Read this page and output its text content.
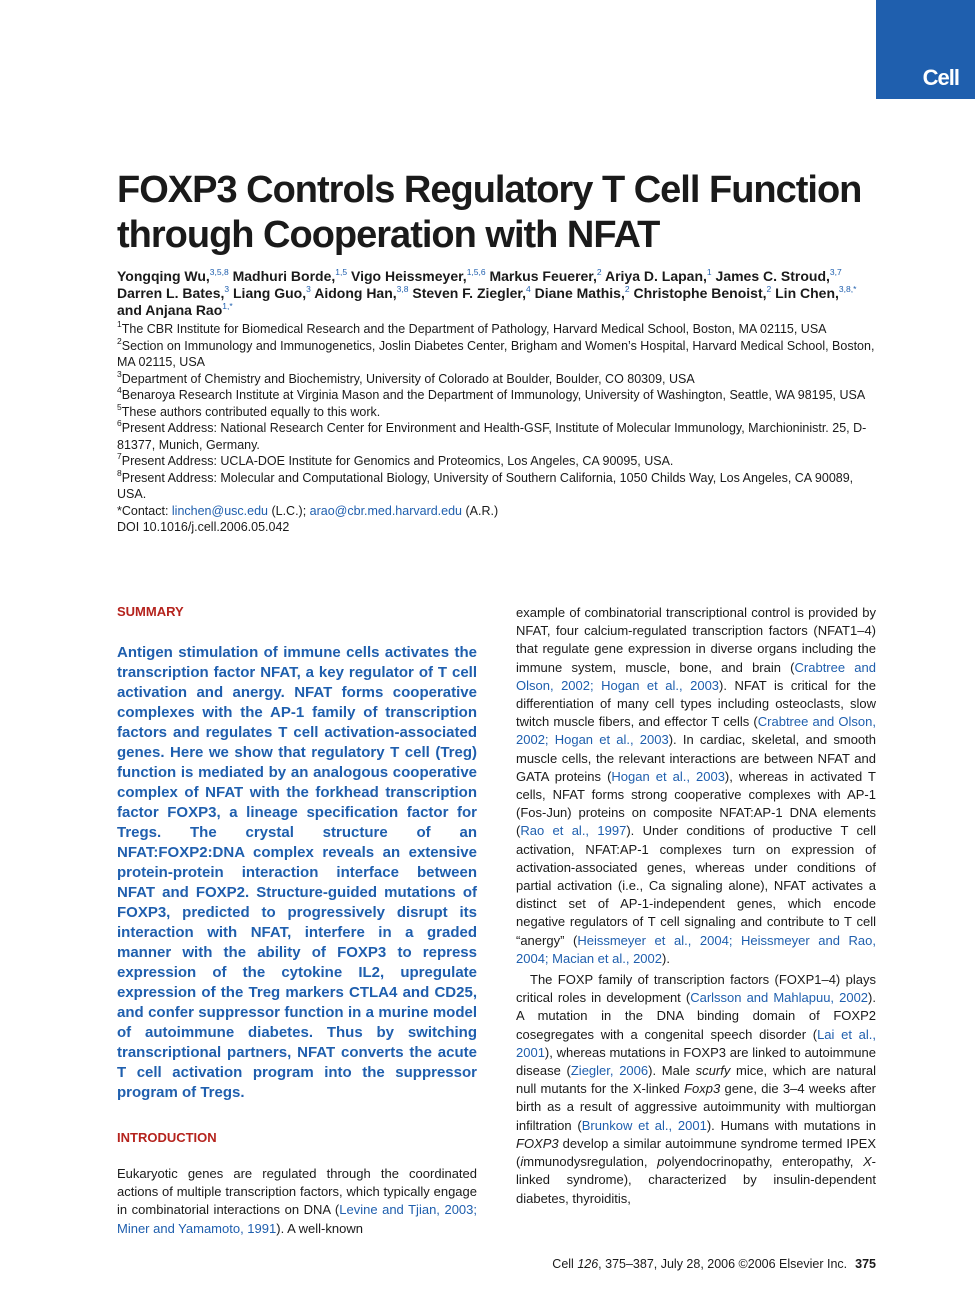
Cell
FOXP3 Controls Regulatory T Cell Function through Cooperation with NFAT
Yongqing Wu,$^{3,5,8}$ Madhuri Borde,$^{1,5}$ Vigo Heissmeyer,$^{1,5,6}$ Markus Feuerer,$^2$ Ariya D. Lapan,$^1$ James C. Stroud,$^{3,7}$ Darren L. Bates,$^3$ Liang Guo,$^3$ Aidong Han,$^{3,8}$ Steven F. Ziegler,$^4$ Diane Mathis,$^2$ Christophe Benoist,$^2$ Lin Chen,$^{3,8,*}$ and Anjana Rao$^{1,*}$
$^1$The CBR Institute for Biomedical Research and the Department of Pathology, Harvard Medical School, Boston, MA 02115, USA
$^2$Section on Immunology and Immunogenetics, Joslin Diabetes Center, Brigham and Women’s Hospital, Harvard Medical School, Boston, MA 02115, USA
$^3$Department of Chemistry and Biochemistry, University of Colorado at Boulder, Boulder, CO 80309, USA
$^4$Benaroya Research Institute at Virginia Mason and the Department of Immunology, University of Washington, Seattle, WA 98195, USA
$^5$These authors contributed equally to this work.
$^6$Present Address: National Research Center for Environment and Health-GSF, Institute of Molecular Immunology, Marchioninistr. 25, D-81377, Munich, Germany.
$^7$Present Address: UCLA-DOE Institute for Genomics and Proteomics, Los Angeles, CA 90095, USA.
$^8$Present Address: Molecular and Computational Biology, University of Southern California, 1050 Childs Way, Los Angeles, CA 90089, USA.
*Contact: linchen@usc.edu (L.C.); arao@cbr.med.harvard.edu (A.R.)
DOI 10.1016/j.cell.2006.05.042
SUMMARY

Antigen stimulation of immune cells activates the transcription factor NFAT, a key regulator of T cell activation and anergy. NFAT forms cooperative complexes with the AP-1 family of transcription factors and regulates T cell activation-associated genes. Here we show that regulatory T cell (Treg) function is mediated by an analogous cooperative complex of NFAT with the forkhead transcription factor FOXP3, a lineage specification factor for Tregs. The crystal structure of an NFAT:FOXP2:DNA complex reveals an extensive protein-protein interaction interface between NFAT and FOXP2. Structure-guided mutations of FOXP3, predicted to progressively disrupt its interaction with NFAT, interfere in a graded manner with the ability of FOXP3 to repress expression of the cytokine IL2, upregulate expression of the Treg markers CTLA4 and CD25, and confer suppressor function in a murine model of autoimmune diabetes. Thus by switching transcriptional partners, NFAT converts the acute T cell activation program into the suppressor program of Tregs.

INTRODUCTION

Eukaryotic genes are regulated through the coordinated actions of multiple transcription factors, which typically engage in combinatorial interactions on DNA (Levine and Tjian, 2003; Miner and Yamamoto, 1991). A well-known

example of combinatorial transcriptional control is provided by NFAT, four calcium-regulated transcription factors (NFAT1–4) that regulate gene expression in diverse organs including the immune system, muscle, bone, and brain (Crabtree and Olson, 2002; Hogan et al., 2003). NFAT is critical for the differentiation of many cell types including osteoclasts, slow twitch muscle fibers, and effector T cells (Crabtree and Olson, 2002; Hogan et al., 2003). In cardiac, skeletal, and smooth muscle cells, the relevant interactions are between NFAT and GATA proteins (Hogan et al., 2003), whereas in activated T cells, NFAT forms strong cooperative complexes with AP-1 (Fos-Jun) proteins on composite NFAT:AP-1 DNA elements (Rao et al., 1997). Under conditions of productive T cell activation, NFAT:AP-1 complexes turn on expression of activation-associated genes, whereas under conditions of partial activation (i.e., Ca signaling alone), NFAT activates a distinct set of AP-1-independent genes, which encode negative regulators of T cell signaling and contribute to T cell “anergy” (Heissmeyer et al., 2004; Heissmeyer and Rao, 2004; Macian et al., 2002).

The FOXP family of transcription factors (FOXP1–4) plays critical roles in development (Carlsson and Mahlapuu, 2002). A mutation in the DNA binding domain of FOXP2 cosegregates with a congenital speech disorder (Lai et al., 2001), whereas mutations in FOXP3 are linked to autoimmune disease (Ziegler, 2006). Male scurfy mice, which are natural null mutants for the X-linked Foxp3 gene, die 3–4 weeks after birth as a result of aggressive autoimmunity with multiorgan infiltration (Brunkow et al., 2001). Humans with mutations in FOXP3 develop a similar autoimmune syndrome termed IPEX (immunodysregulation, polyendocrinopathy, enteropathy, X-linked syndrome), characterized by insulin-dependent diabetes, thyroiditis,

Cell 126, 375–387, July 28, 2006 ©2006 Elsevier Inc. 375
